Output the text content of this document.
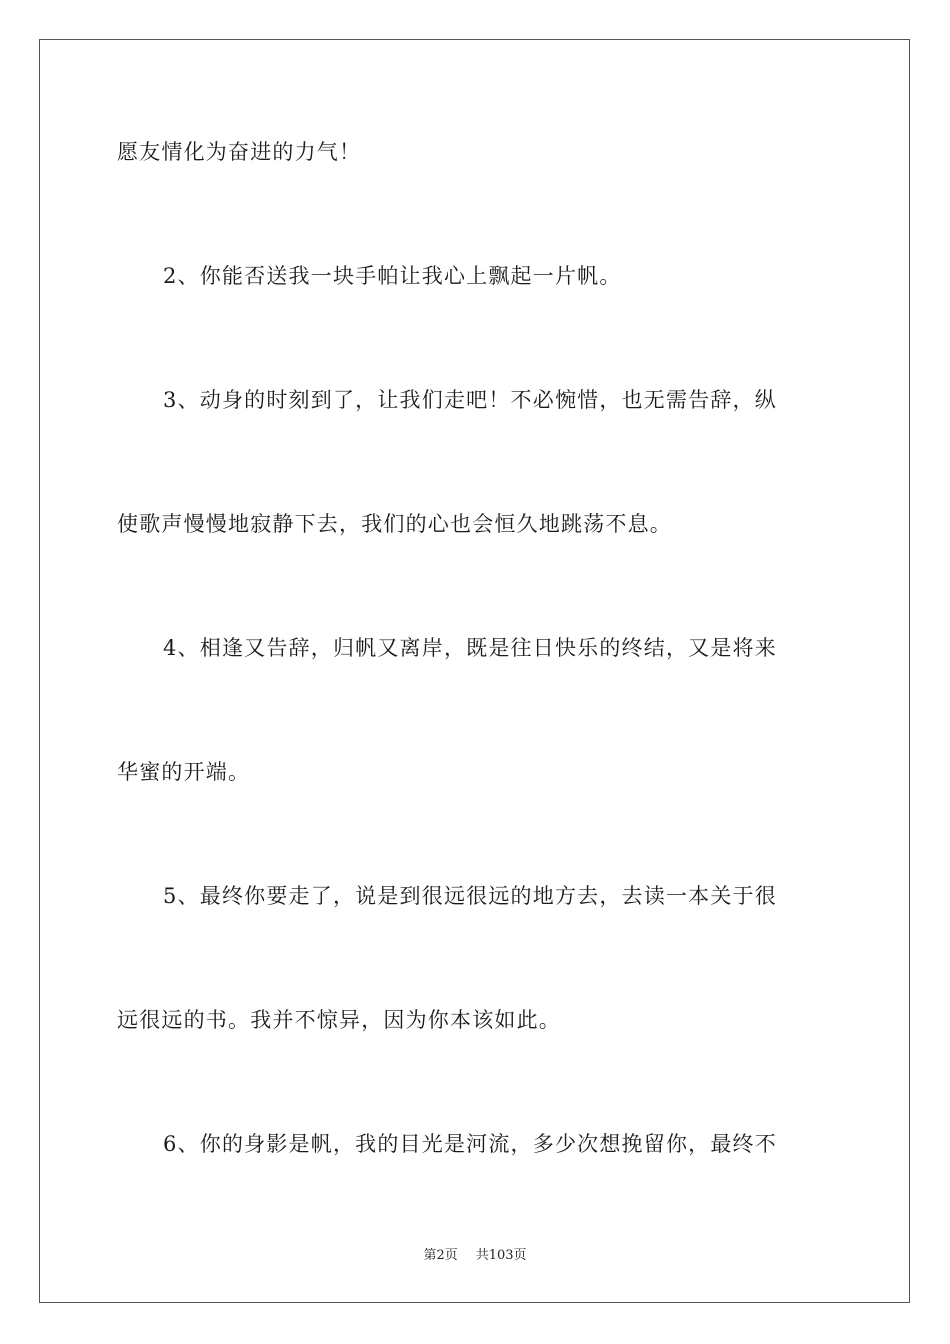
愿友情化为奋进的力气！
2、你能否送我一块手帕让我心上飘起一片帆。
3、动身的时刻到了，让我们走吧！不必惋惜，也无需告辞，纵
使歌声慢慢地寂静下去，我们的心也会恒久地跳荡不息。
4、相逢又告辞，归帆又离岸，既是往日快乐的终结，又是将来
华蜜的开端。
5、最终你要走了，说是到很远很远的地方去，去读一本关于很
远很远的书。我并不惊异，因为你本该如此。
6、你的身影是帆，我的目光是河流，多少次想挽留你，最终不
第2页 共103页
